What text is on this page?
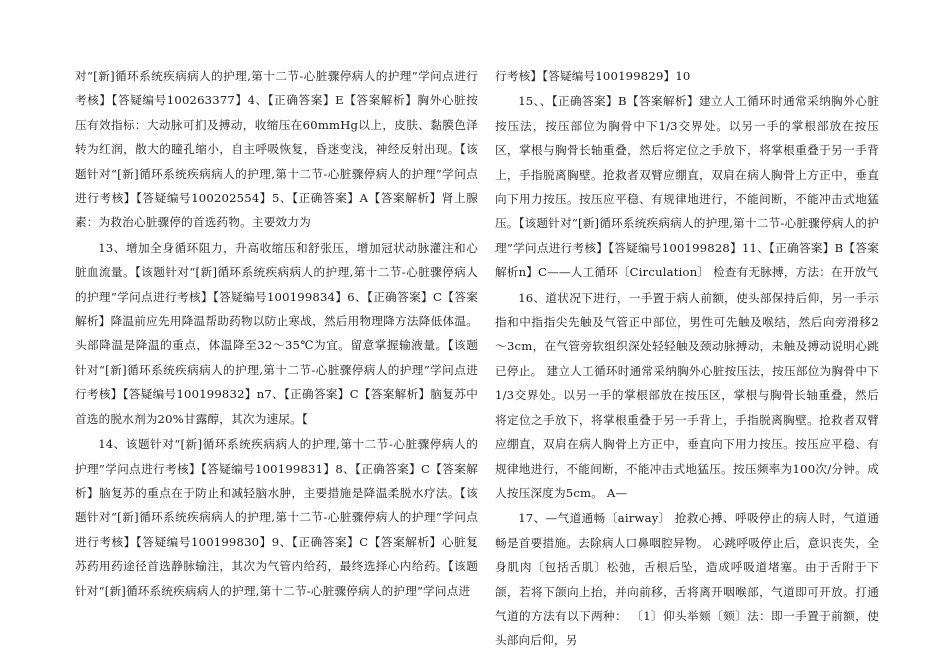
对“[新]循环系统疾病病人的护理,第十二节-心脏骤停病人的护理”学问点进行考核】【答疑编号100263377】4、【正确答案】E【答案解析】胸外心脏按压有效指标：大动脉可扪及搏动，收缩压在60mmHg以上，皮肤、黏膜色泽转为红润，散大的瞳孔缩小，自主呼吸恢复，昏迷变浅，神经反射出现。【该题针对“[新]循环系统疾病病人的护理,第十二节-心脏骤停病人的护理”学问点进行考核】【答疑编号100202554】5、【正确答案】A【答案解析】肾上腺素：为救治心脏骤停的首选药物。主要效力为

13、增加全身循环阻力，升高收缩压和舒张压，增加冠状动脉灌注和心脏血流量。【该题针对“[新]循环系统疾病病人的护理,第十二节-心脏骤停病人的护理”学问点进行考核】【答疑编号100199834】6、【正确答案】C【答案解析】降温前应先用降温帮助药物以防止寒战，然后用物理降方法降低体温。头部降温是降温的重点，体温降至32～35℃为宜。留意掌握输液量。【该题针对“[新]循环系统疾病病人的护理,第十二节-心脏骤停病人的护理”学问点进行考核】【答疑编号100199832】n7、【正确答案】C【答案解析】脑复苏中首选的脱水剂为20%甘露醇，其次为速尿。【

14、该题针对“[新]循环系统疾病病人的护理,第十二节-心脏骤停病人的护理”学问点进行考核】【答疑编号100199831】8、【正确答案】C【答案解析】脑复苏的重点在于防止和减轻脑水肿，主要措施是降温柔脱水疗法。【该题针对“[新]循环系统疾病病人的护理,第十二节-心脏骤停病人的护理”学问点进行考核】【答疑编号100199830】9、【正确答案】C【答案解析】心脏复苏药用药途径首选静脉输注，其次为气管内给药，最终选择心内给药。【该题针对“[新]循环系统疾病病人的护理,第十二节-心脏骤停病人的护理”学问点进

行考核】【答疑编号100199829】10

15、、【正确答案】B【答案解析】建立人工循环时通常采纳胸外心脏按压法，按压部位为胸骨中下1/3交界处。以另一手的掌根部放在按压区，掌根与胸骨长轴重叠，然后将定位之手放下，将掌根重叠于另一手背上，手指脱离胸壁。抢救者双臂应绷直，双肩在病人胸骨上方正中，垂直向下用力按压。按压应平稳、有规律地进行，不能间断，不能冲击式地猛压。【该题针对“[新]循环系统疾病病人的护理,第十二节-心脏骤停病人的护理”学问点进行考核】【答疑编号100199828】11、【正确答案】B【答案解析n】C——人工循环〔Circulation〕 检查有无脉搏，方法：在开放气

16、道状况下进行，一手置于病人前额，使头部保持后仰，另一手示指和中指指尖先触及气管正中部位，男性可先触及喉结，然后向旁滑移2～3cm，在气管旁软组织深处轻轻触及颈动脉搏动，未触及搏动说明心跳已停止。 建立人工循环时通常采纳胸外心脏按压法，按压部位为胸骨中下1/3交界处。以另一手的掌根部放在按压区，掌根与胸骨长轴重叠，然后将定位之手放下，将掌根重叠于另一手背上，手指脱离胸壁。抢救者双臂应绷直，双肩在病人胸骨上方正中，垂直向下用力按压。按压应平稳、有规律地进行，不能间断，不能冲击式地猛压。按压频率为100次/分钟。成人按压深度为5cm。 A—

17、—气道通畅〔airway〕 抢救心搏、呼吸停止的病人时，气道通畅是首要措施。去除病人口鼻咽腔异物。 心跳呼吸停止后，意识丧失，全身肌肉〔包括舌肌〕松弛，舌根后坠，造成呼吸道堵塞。由于舌附于下颌，若将下颌向上抬，并向前移，舌将离开咽喉部，气道即可开放。打通气道的方法有以下两种： 〔1〕仰头举颏〔颏〕法：即一手置于前额，使头部向后仰，另
